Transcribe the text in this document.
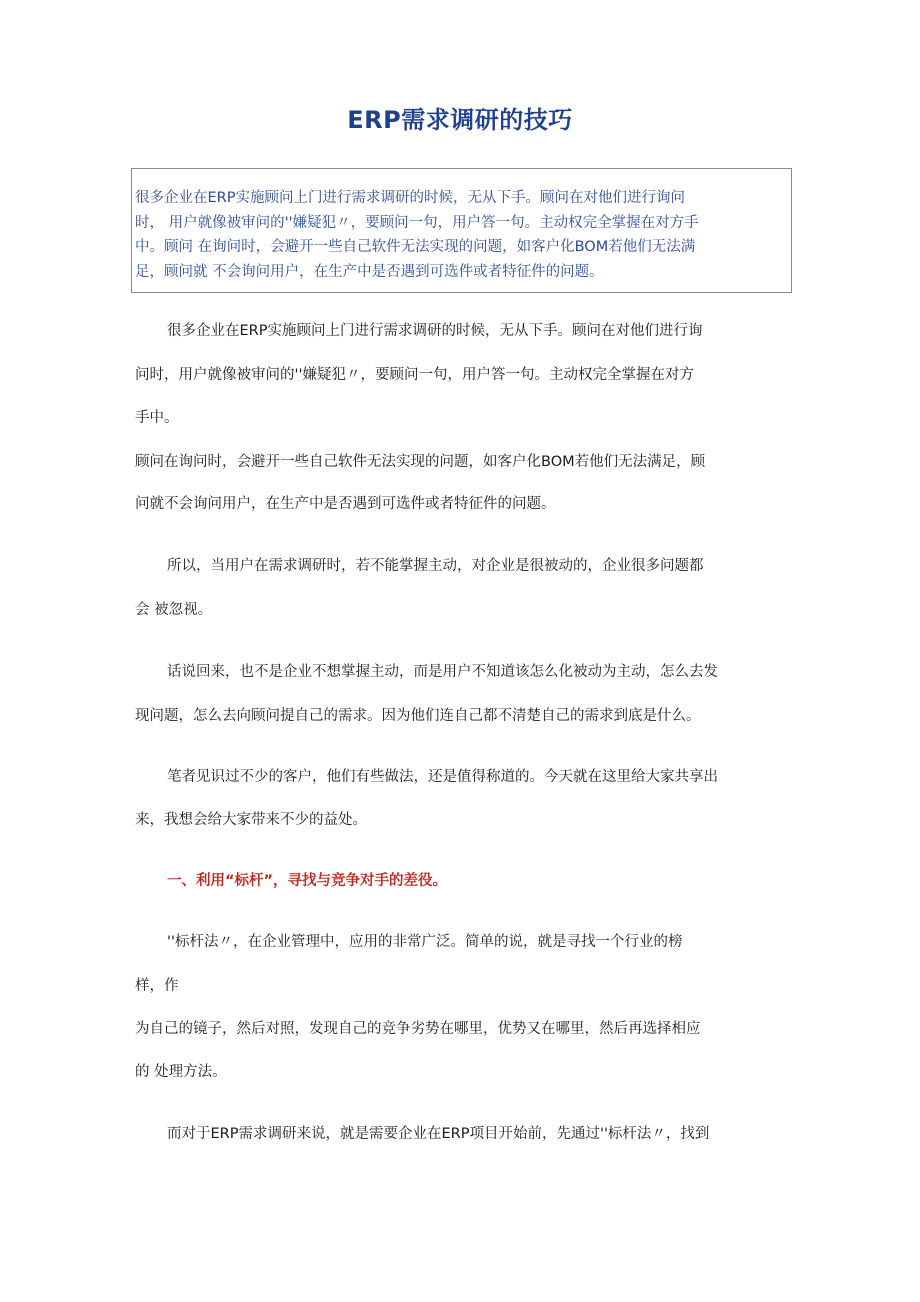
ERP需求调研的技巧
很多企业在ERP实施顾问上门进行需求调研的时候，无从下手。顾问在对他们进行询问
时， 用户就像被审问的''嫌疑犯〃，要顾问一句，用户答一句。主动权完全掌握在对方手
中。顾问 在询问时，会避开一些自己软件无法实现的问题，如客户化BOM若他们无法满
足，顾问就 不会询问用户，在生产中是否遇到可选件或者特征件的问题。
很多企业在ERP实施顾问上门进行需求调研的时候，无从下手。顾问在对他们进行询
问时，用户就像被审问的''嫌疑犯〃，要顾问一句，用户答一句。主动权完全掌握在对方
手中。
顾问在询问时，会避开一些自己软件无法实现的问题，如客户化BOM若他们无法满足，顾
问就不会询问用户，在生产中是否遇到可选件或者特征件的问题。
所以，当用户在需求调研时，若不能掌握主动，对企业是很被动的，企业很多问题都
会 被忽视。
话说回来，也不是企业不想掌握主动，而是用户不知道该怎么化被动为主动，怎么去发
现问题，怎么去向顾问提自己的需求。因为他们连自己都不清楚自己的需求到底是什么。
笔者见识过不少的客户，他们有些做法，还是值得称道的。今天就在这里给大家共享出
来，我想会给大家带来不少的益处。
一、利用“标杆”，寻找与竞争对手的差役。
''标杆法〃，在企业管理中，应用的非常广泛。简单的说，就是寻找一个行业的榜
样，作
为自己的镜子，然后对照，发现自己的竞争劣势在哪里，优势又在哪里，然后再选择相应
的 处理方法。
而对于ERP需求调研来说，就是需要企业在ERP项目开始前，先通过''标杆法〃，找到
